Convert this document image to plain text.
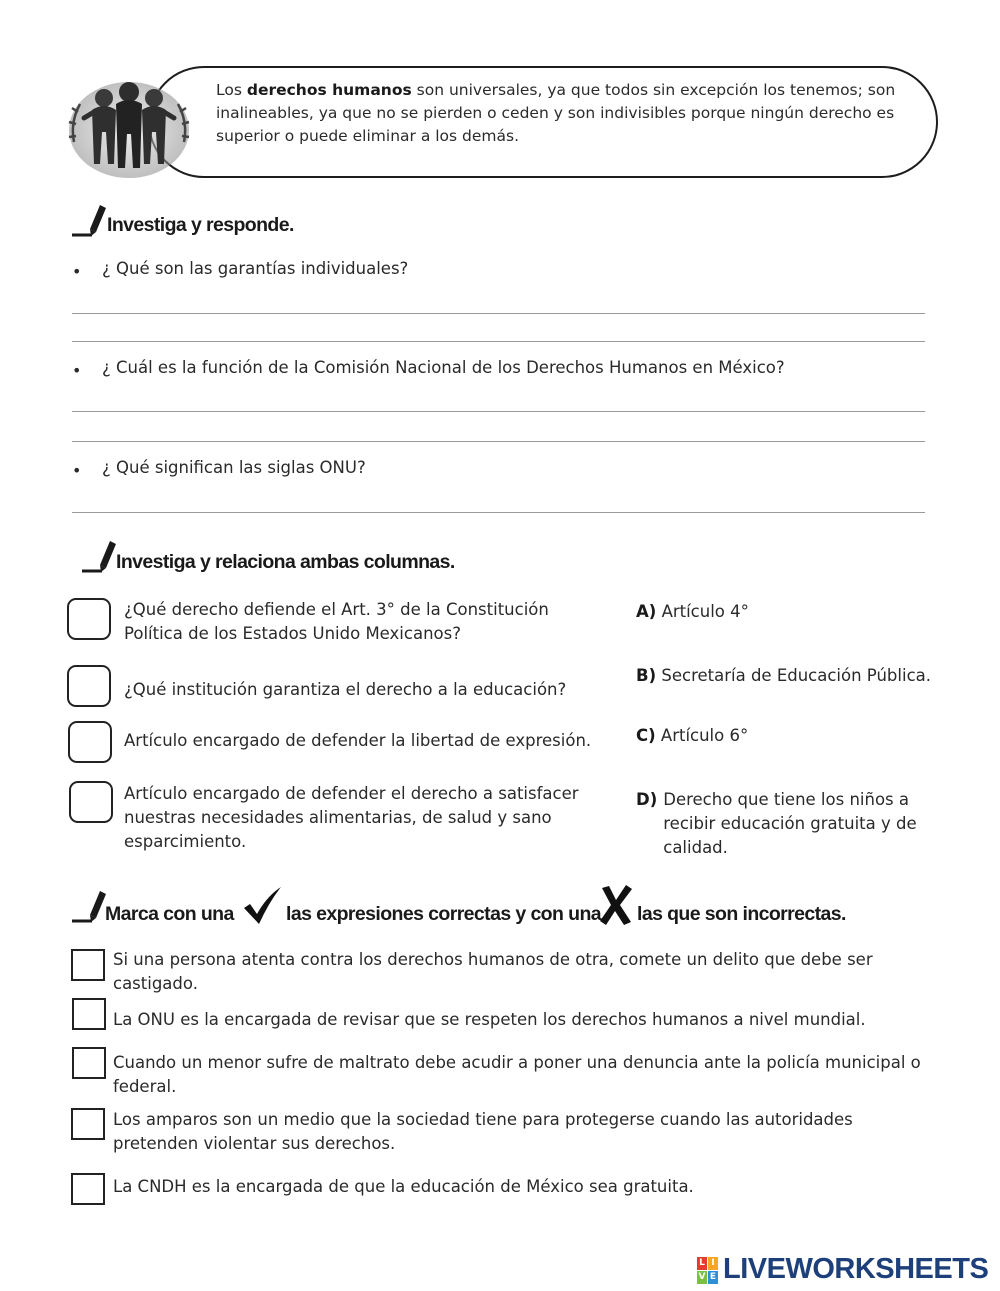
Los derechos humanos son universales, ya que todos sin excepción los tenemos; son inalineables, ya que no se pierden o ceden y son indivisibles porque ningún derecho es superior o puede eliminar a los demás.
Investiga y responde.
• ¿ Qué son las garantías individuales?
• ¿ Cuál es la función de la Comisión Nacional de los Derechos Humanos en México?
• ¿ Qué significan las siglas ONU?
Investiga y relaciona ambas columnas.
¿Qué derecho defiende el Art. 3° de la Constitución Política de los Estados Unido Mexicanos?
¿Qué institución garantiza el derecho a la educación?
Artículo encargado de defender la libertad de expresión.
Artículo encargado de defender el derecho a satisfacer nuestras necesidades alimentarias, de salud y sano esparcimiento.
A) Artículo 4°
B) Secretaría de Educación Pública.
C) Artículo 6°
D) Derecho que tiene los niños a recibir educación gratuita y de calidad.
Marca con una	las expresiones correctas y con una las que son incorrectas.
Si una persona atenta contra los derechos humanos de otra, comete un delito que debe ser castigado.
La ONU es la encargada de revisar que se respeten los derechos humanos a nivel mundial.
Cuando un menor sufre de maltrato debe acudir a poner una denuncia ante la policía municipal o federal.
Los amparos son un medio que la sociedad tiene para protegerse cuando las autoridades pretenden violentar sus derechos.
La CNDH es la encargada de que la educación de México sea gratuita.
L I
V E LIVEWORKSHEETS
